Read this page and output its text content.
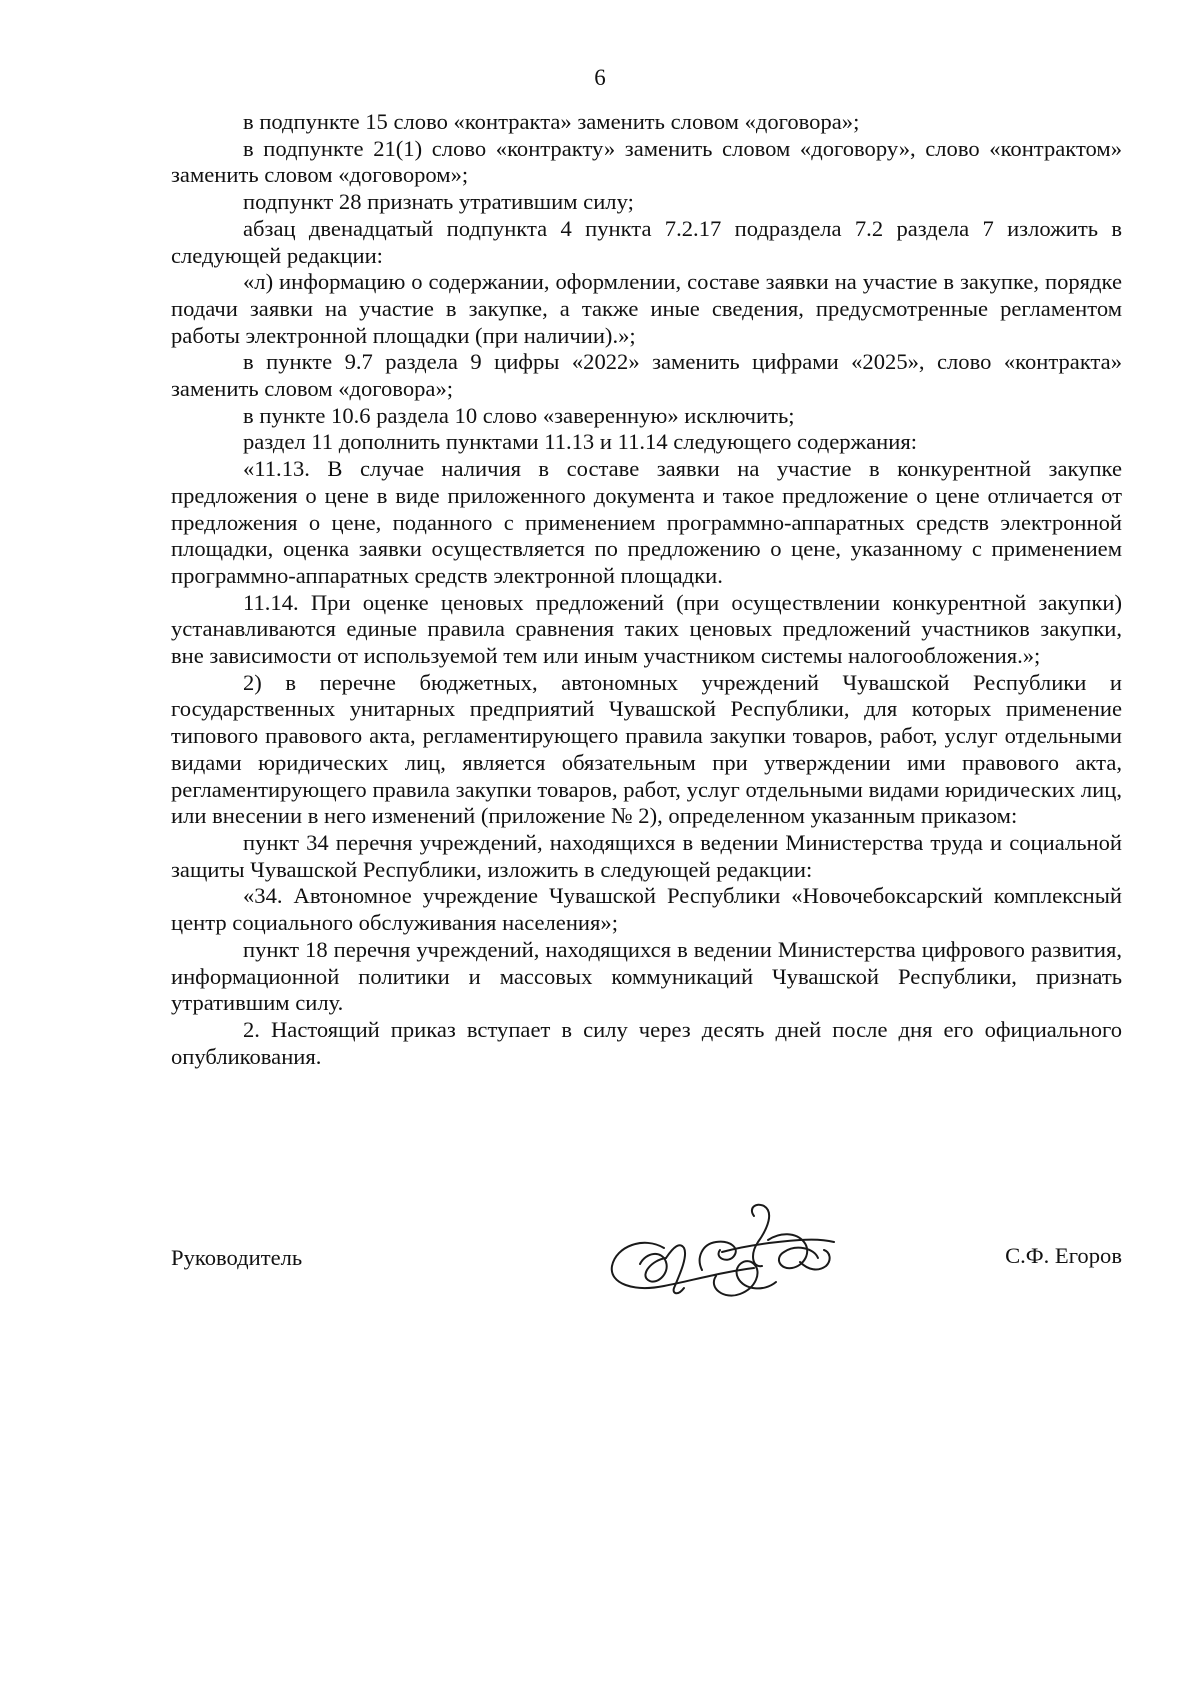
6

в подпункте 15 слово «контракта» заменить словом «договора»;

в подпункте 21(1) слово «контракту» заменить словом «договору», слово «контрактом» заменить словом «договором»;

подпункт 28 признать утратившим силу;

абзац двенадцатый подпункта 4 пункта 7.2.17 подраздела 7.2 раздела 7 изложить в следующей редакции:

«л) информацию о содержании, оформлении, составе заявки на участие в закупке, порядке подачи заявки на участие в закупке, а также иные сведения, предусмотренные регламентом работы электронной площадки (при наличии).»;

в пункте 9.7 раздела 9 цифры «2022» заменить цифрами «2025», слово «контракта» заменить словом «договора»;

в пункте 10.6 раздела 10 слово «заверенную» исключить;

раздел 11 дополнить пунктами 11.13 и 11.14 следующего содержания:

«11.13. В случае наличия в составе заявки на участие в конкурентной закупке предложения о цене в виде приложенного документа и такое предложение о цене отличается от предложения о цене, поданного с применением программно-аппаратных средств электронной площадки, оценка заявки осуществляется по предложению о цене, указанному с применением программно-аппаратных средств электронной площадки.

11.14. При оценке ценовых предложений (при осуществлении конкурентной закупки) устанавливаются единые правила сравнения таких ценовых предложений участников закупки, вне зависимости от используемой тем или иным участником системы налогообложения.»;

2) в перечне бюджетных, автономных учреждений Чувашской Республики и государственных унитарных предприятий Чувашской Республики, для которых применение типового правового акта, регламентирующего правила закупки товаров, работ, услуг отдельными видами юридических лиц, является обязательным при утверждении ими правового акта, регламентирующего правила закупки товаров, работ, услуг отдельными видами юридических лиц, или внесении в него изменений (приложение № 2), определенном указанным приказом:

пункт 34 перечня учреждений, находящихся в ведении Министерства труда и социальной защиты Чувашской Республики, изложить в следующей редакции:

«34. Автономное учреждение Чувашской Республики «Новочебоксарский комплексный центр социального обслуживания населения»;

пункт 18 перечня учреждений, находящихся в ведении Министерства цифрового развития, информационной политики и массовых коммуникаций Чувашской Республики, признать утратившим силу.

2. Настоящий приказ вступает в силу через десять дней после дня его официального опубликования.

Руководитель	С.Ф. Егоров
